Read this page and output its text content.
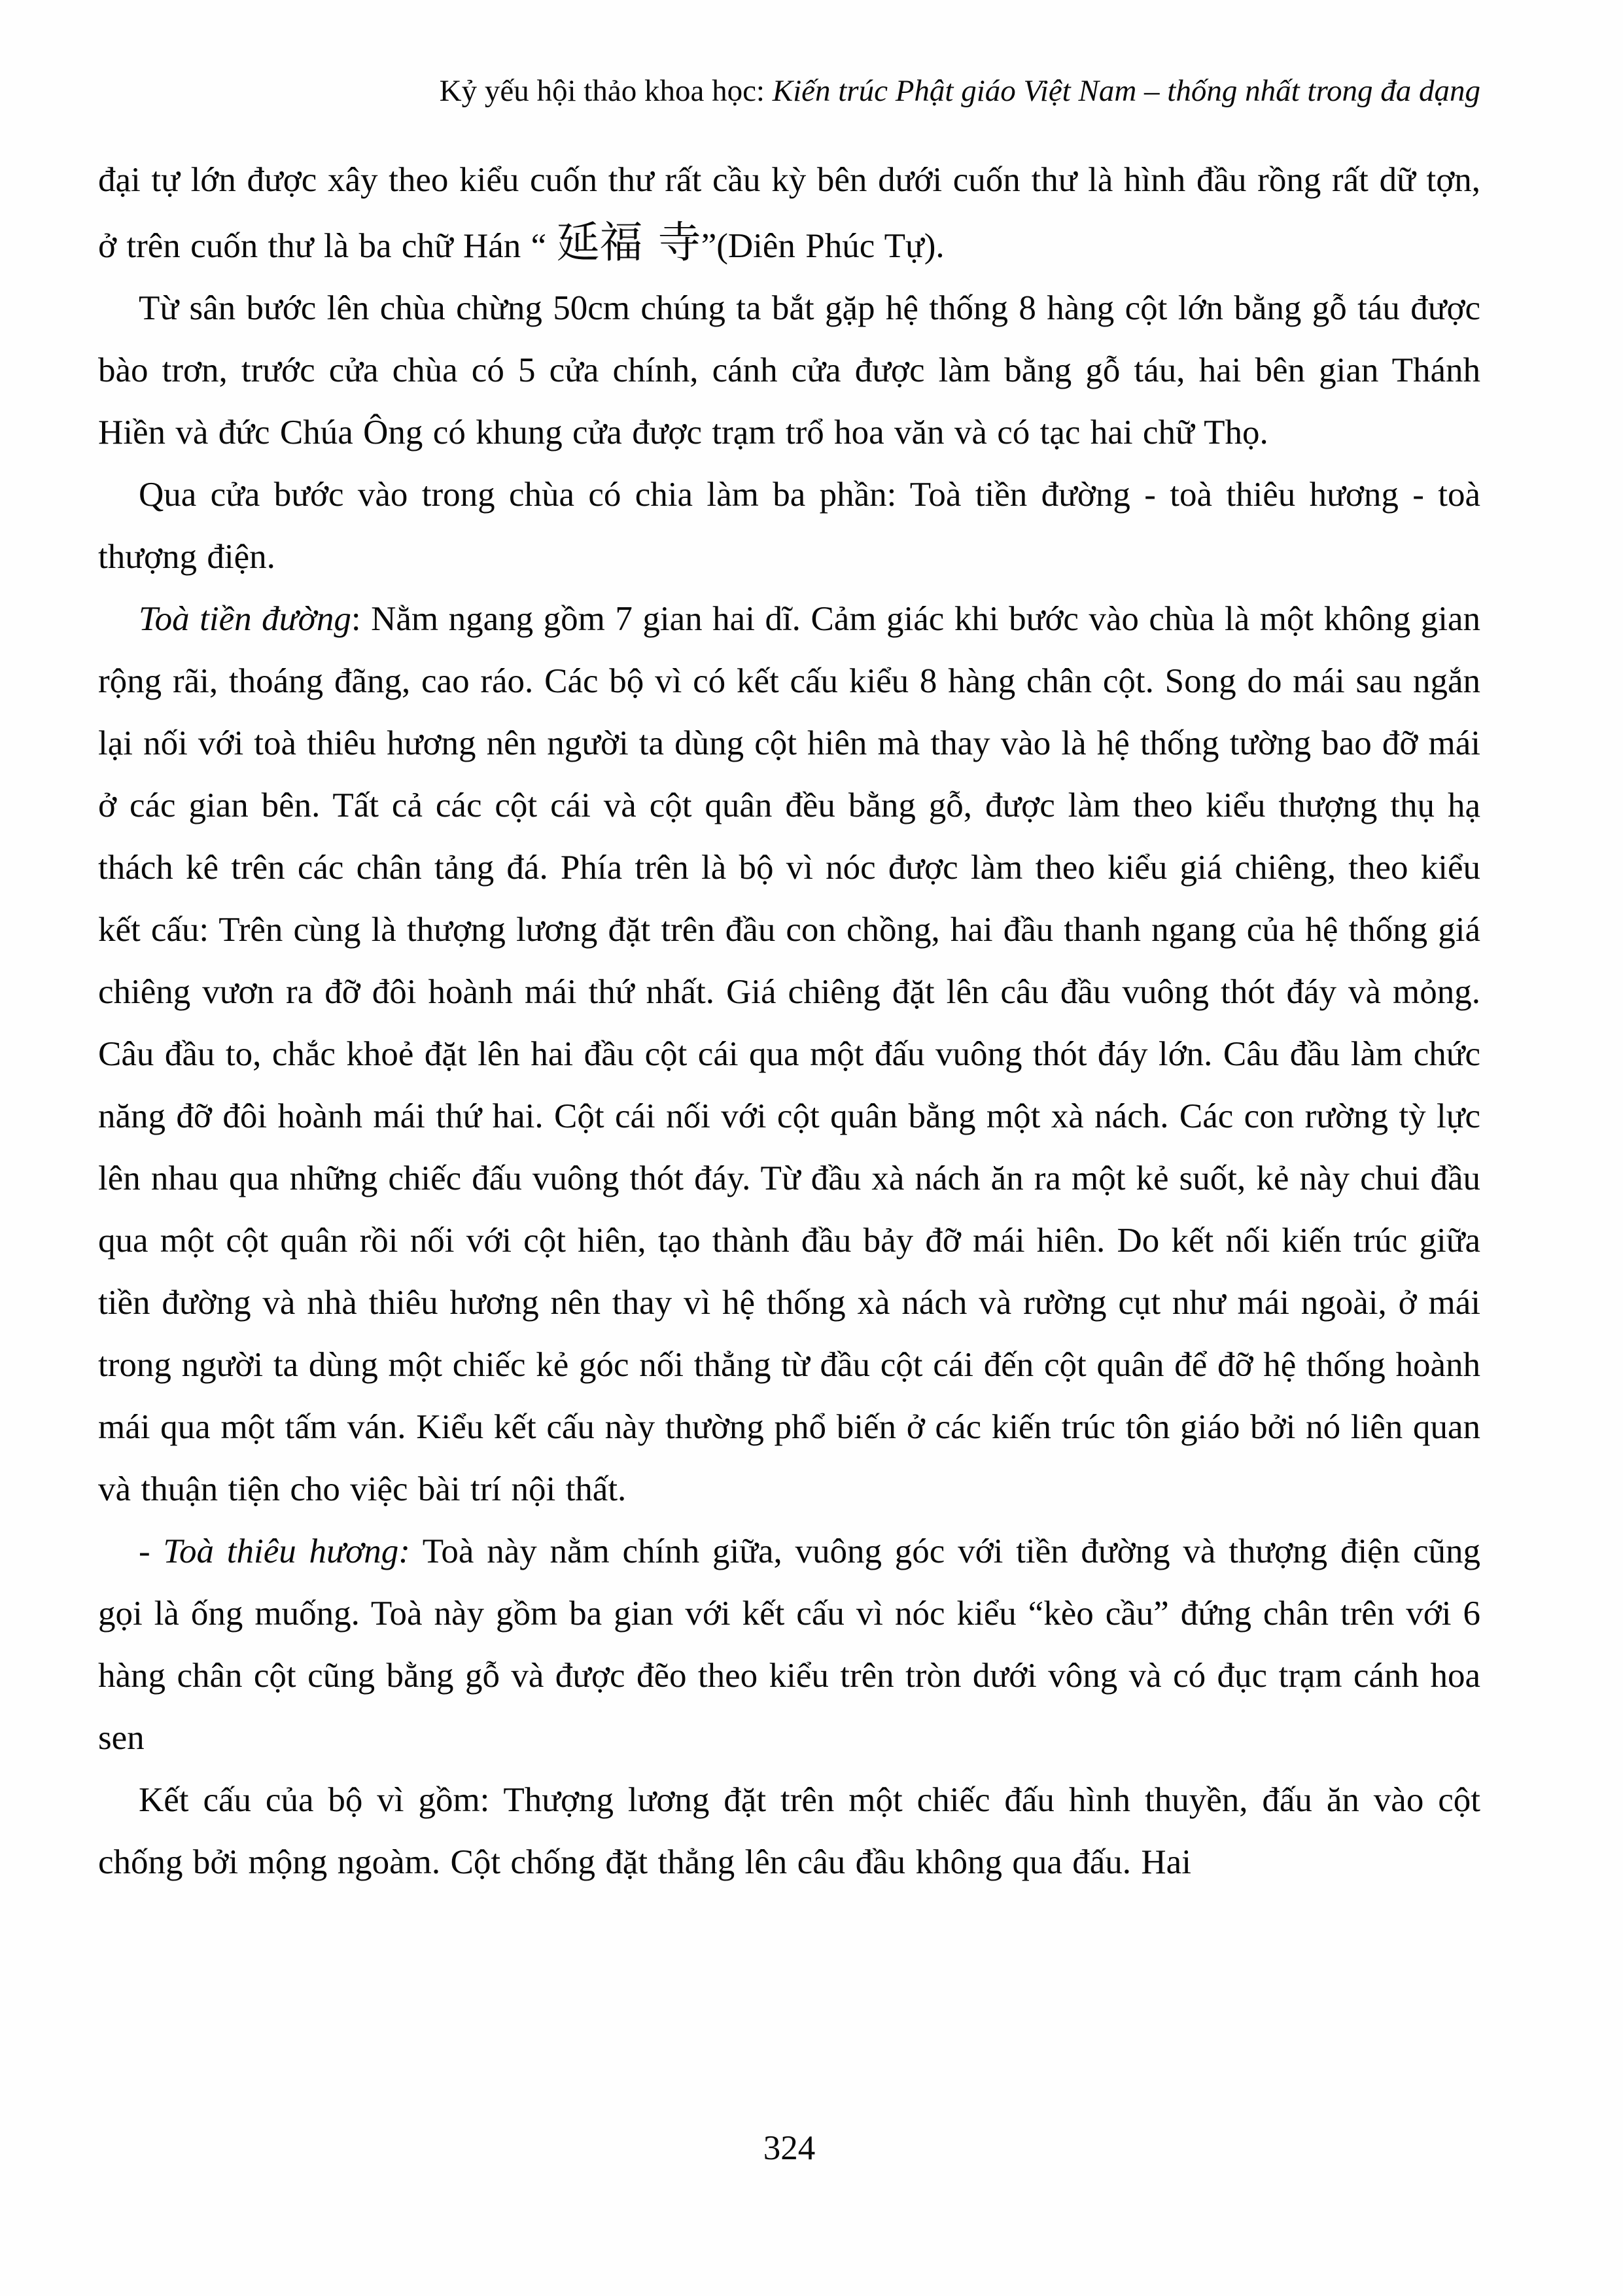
Kỷ yếu hội thảo khoa học: Kiến trúc Phật giáo Việt Nam – thống nhất trong đa dạng

đại tự lớn được xây theo kiểu cuốn thư rất cầu kỳ bên dưới cuốn thư là hình đầu rồng rất dữ tợn, ở trên cuốn thư là ba chữ Hán “ 延福 寺”(Diên Phúc Tự).

Từ sân bước lên chùa chừng 50cm chúng ta bắt gặp hệ thống 8 hàng cột lớn bằng gỗ táu được bào trơn, trước cửa chùa có 5 cửa chính, cánh cửa được làm bằng gỗ táu, hai bên gian Thánh Hiền và đức Chúa Ông có khung cửa được trạm trổ hoa văn và có tạc hai chữ Thọ.

Qua cửa bước vào trong chùa có chia làm ba phần: Toà tiền đường - toà thiêu hương - toà thượng điện.

Toà tiền đường: Nằm ngang gồm 7 gian hai dĩ. Cảm giác khi bước vào chùa là một không gian rộng rãi, thoáng đãng, cao ráo. Các bộ vì có kết cấu kiểu 8 hàng chân cột. Song do mái sau ngắn lại nối với toà thiêu hương nên người ta dùng cột hiên mà thay vào là hệ thống tường bao đỡ mái ở các gian bên. Tất cả các cột cái và cột quân đều bằng gỗ, được làm theo kiểu thượng thụ hạ thách kê trên các chân tảng đá. Phía trên là bộ vì nóc được làm theo kiểu giá chiêng, theo kiểu kết cấu: Trên cùng là thượng lương đặt trên đầu con chồng, hai đầu thanh ngang của hệ thống giá chiêng vươn ra đỡ đôi hoành mái thứ nhất. Giá chiêng đặt lên câu đầu vuông thót đáy và mỏng. Câu đầu to, chắc khoẻ đặt lên hai đầu cột cái qua một đấu vuông thót đáy lớn. Câu đầu làm chức năng đỡ đôi hoành mái thứ hai. Cột cái nối với cột quân bằng một xà nách. Các con rường tỳ lực lên nhau qua những chiếc đấu vuông thót đáy. Từ đầu xà nách ăn ra một kẻ suốt, kẻ này chui đầu qua một cột quân rồi nối với cột hiên, tạo thành đầu bảy đỡ mái hiên. Do kết nối kiến trúc giữa tiền đường và nhà thiêu hương nên thay vì hệ thống xà nách và rường cụt như mái ngoài, ở mái trong người ta dùng một chiếc kẻ góc nối thẳng từ đầu cột cái đến cột quân để đỡ hệ thống hoành mái qua một tấm ván. Kiểu kết cấu này thường phổ biến ở các kiến trúc tôn giáo bởi nó liên quan và thuận tiện cho việc bài trí nội thất.

- Toà thiêu hương: Toà này nằm chính giữa, vuông góc với tiền đường và thượng điện cũng gọi là ống muống. Toà này gồm ba gian với kết cấu vì nóc kiểu “kèo cầu” đứng chân trên với 6 hàng chân cột cũng bằng gỗ và được đẽo theo kiểu trên tròn dưới vông và có đục trạm cánh hoa sen

Kết cấu của bộ vì gồm: Thượng lương đặt trên một chiếc đấu hình thuyền, đấu ăn vào cột chống bởi mộng ngoàm. Cột chống đặt thẳng lên câu đầu không qua đấu. Hai

324
